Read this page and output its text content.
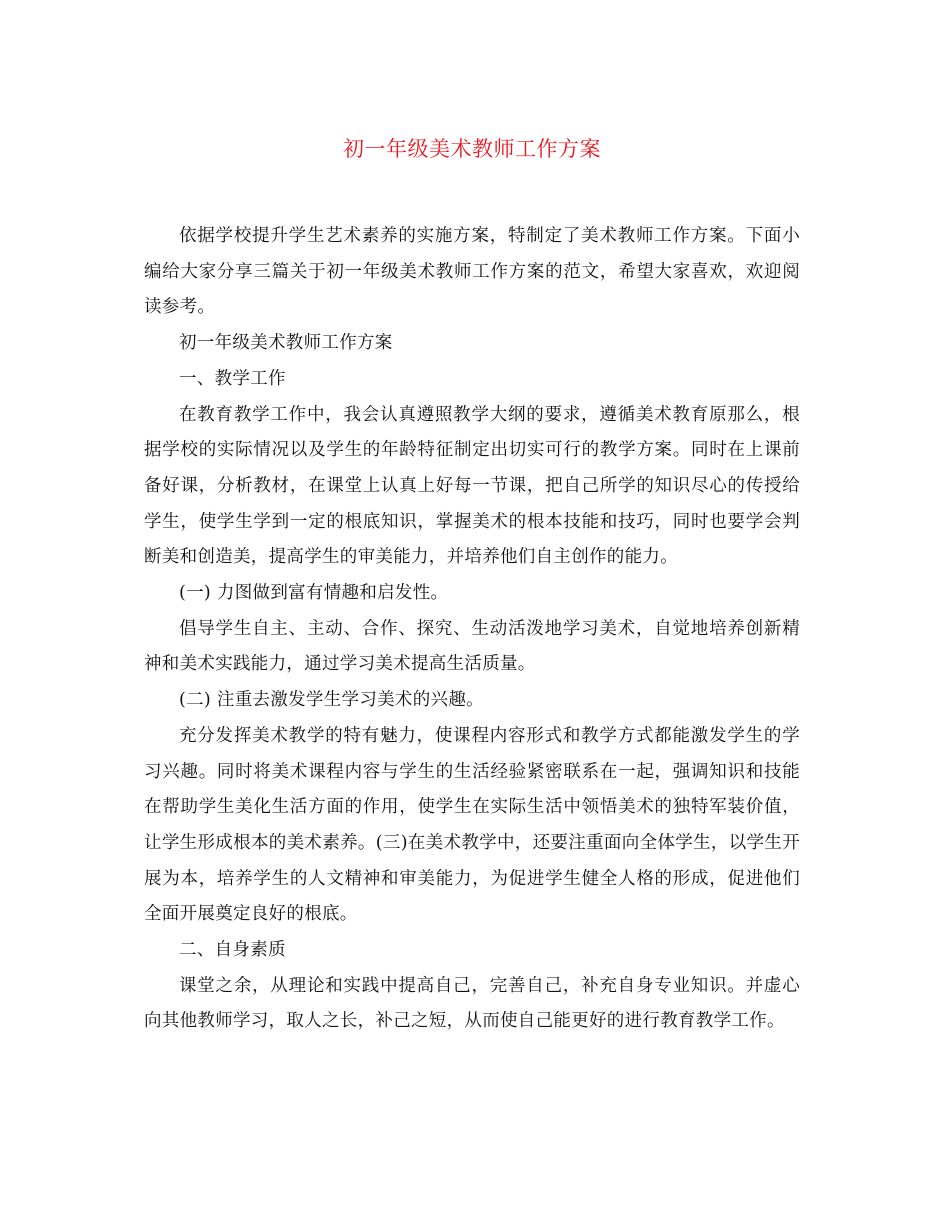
初一年级美术教师工作方案

依据学校提升学生艺术素养的实施方案，特制定了美术教师工作方案。下面小编给大家分享三篇关于初一年级美术教师工作方案的范文，希望大家喜欢，欢迎阅读参考。

初一年级美术教师工作方案

一、教学工作

在教育教学工作中，我会认真遵照教学大纲的要求，遵循美术教育原那么，根据学校的实际情况以及学生的年龄特征制定出切实可行的教学方案。同时在上课前备好课，分析教材，在课堂上认真上好每一节课，把自己所学的知识尽心的传授给学生，使学生学到一定的根底知识，掌握美术的根本技能和技巧，同时也要学会判断美和创造美，提高学生的审美能力，并培养他们自主创作的能力。

(一) 力图做到富有情趣和启发性。

倡导学生自主、主动、合作、探究、生动活泼地学习美术，自觉地培养创新精神和美术实践能力，通过学习美术提高生活质量。

(二) 注重去激发学生学习美术的兴趣。

充分发挥美术教学的特有魅力，使课程内容形式和教学方式都能激发学生的学习兴趣。同时将美术课程内容与学生的生活经验紧密联系在一起，强调知识和技能在帮助学生美化生活方面的作用，使学生在实际生活中领悟美术的独特军装价值，让学生形成根本的美术素养。(三)在美术教学中，还要注重面向全体学生，以学生开展为本，培养学生的人文精神和审美能力，为促进学生健全人格的形成，促进他们全面开展奠定良好的根底。

二、自身素质

课堂之余，从理论和实践中提高自己，完善自己，补充自身专业知识。并虚心向其他教师学习，取人之长，补己之短，从而使自己能更好的进行教育教学工作。
